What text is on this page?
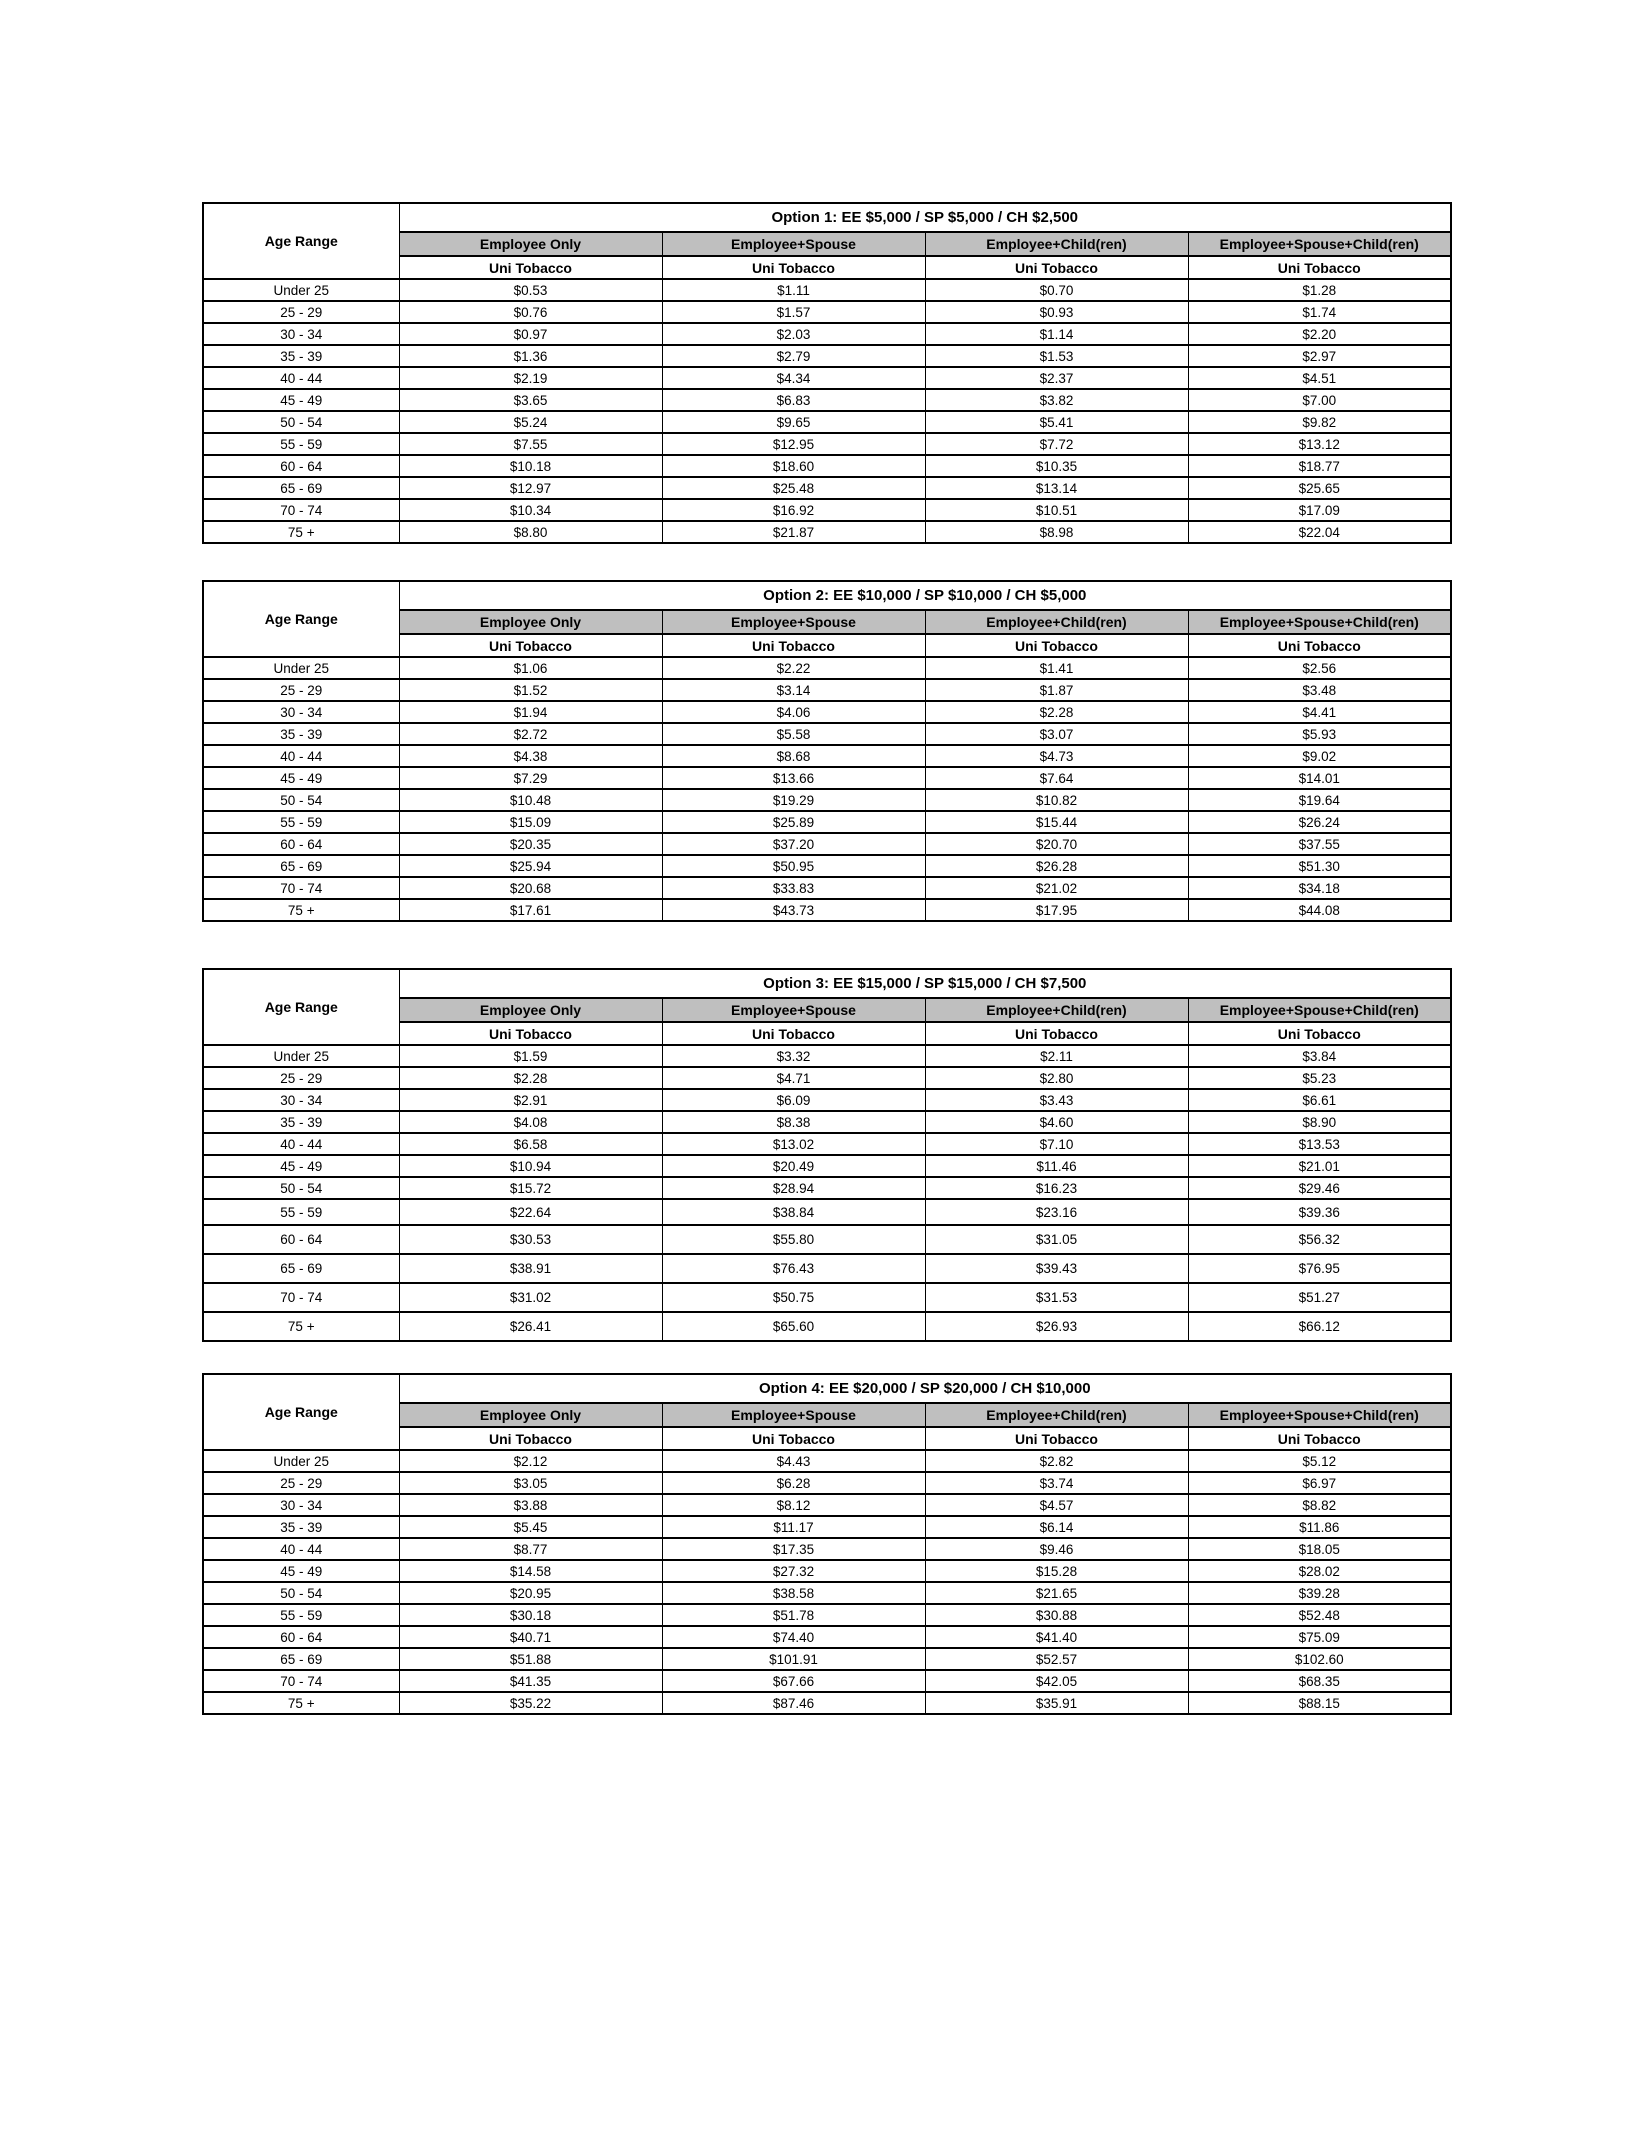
Age Range	Option 1: EE $5,000 / SP $5,000 / CH $2,500			
	Employee Only	Employee+Spouse	Employee+Child(ren)	Employee+Spouse+Child(ren)
	Uni Tobacco	Uni Tobacco	Uni Tobacco	Uni Tobacco
Under 25	$0.53	$1.11	$0.70	$1.28
25 - 29	$0.76	$1.57	$0.93	$1.74
30 - 34	$0.97	$2.03	$1.14	$2.20
35 - 39	$1.36	$2.79	$1.53	$2.97
40 - 44	$2.19	$4.34	$2.37	$4.51
45 - 49	$3.65	$6.83	$3.82	$7.00
50 - 54	$5.24	$9.65	$5.41	$9.82
55 - 59	$7.55	$12.95	$7.72	$13.12
60 - 64	$10.18	$18.60	$10.35	$18.77
65 - 69	$12.97	$25.48	$13.14	$25.65
70 - 74	$10.34	$16.92	$10.51	$17.09
75 +	$8.80	$21.87	$8.98	$22.04
Age Range	Option 2: EE $10,000 / SP $10,000 / CH $5,000			
	Employee Only	Employee+Spouse	Employee+Child(ren)	Employee+Spouse+Child(ren)
	Uni Tobacco	Uni Tobacco	Uni Tobacco	Uni Tobacco
Under 25	$1.06	$2.22	$1.41	$2.56
25 - 29	$1.52	$3.14	$1.87	$3.48
30 - 34	$1.94	$4.06	$2.28	$4.41
35 - 39	$2.72	$5.58	$3.07	$5.93
40 - 44	$4.38	$8.68	$4.73	$9.02
45 - 49	$7.29	$13.66	$7.64	$14.01
50 - 54	$10.48	$19.29	$10.82	$19.64
55 - 59	$15.09	$25.89	$15.44	$26.24
60 - 64	$20.35	$37.20	$20.70	$37.55
65 - 69	$25.94	$50.95	$26.28	$51.30
70 - 74	$20.68	$33.83	$21.02	$34.18
75 +	$17.61	$43.73	$17.95	$44.08
Age Range	Option 3: EE $15,000 / SP $15,000 / CH $7,500			
	Employee Only	Employee+Spouse	Employee+Child(ren)	Employee+Spouse+Child(ren)
	Uni Tobacco	Uni Tobacco	Uni Tobacco	Uni Tobacco
Under 25	$1.59	$3.32	$2.11	$3.84
25 - 29	$2.28	$4.71	$2.80	$5.23
30 - 34	$2.91	$6.09	$3.43	$6.61
35 - 39	$4.08	$8.38	$4.60	$8.90
40 - 44	$6.58	$13.02	$7.10	$13.53
45 - 49	$10.94	$20.49	$11.46	$21.01
50 - 54	$15.72	$28.94	$16.23	$29.46
55 - 59	$22.64	$38.84	$23.16	$39.36
60 - 64	$30.53	$55.80	$31.05	$56.32
65 - 69	$38.91	$76.43	$39.43	$76.95
70 - 74	$31.02	$50.75	$31.53	$51.27
75 +	$26.41	$65.60	$26.93	$66.12
Age Range	Option 4: EE $20,000 / SP $20,000 / CH $10,000			
	Employee Only	Employee+Spouse	Employee+Child(ren)	Employee+Spouse+Child(ren)
	Uni Tobacco	Uni Tobacco	Uni Tobacco	Uni Tobacco
Under 25	$2.12	$4.43	$2.82	$5.12
25 - 29	$3.05	$6.28	$3.74	$6.97
30 - 34	$3.88	$8.12	$4.57	$8.82
35 - 39	$5.45	$11.17	$6.14	$11.86
40 - 44	$8.77	$17.35	$9.46	$18.05
45 - 49	$14.58	$27.32	$15.28	$28.02
50 - 54	$20.95	$38.58	$21.65	$39.28
55 - 59	$30.18	$51.78	$30.88	$52.48
60 - 64	$40.71	$74.40	$41.40	$75.09
65 - 69	$51.88	$101.91	$52.57	$102.60
70 - 74	$41.35	$67.66	$42.05	$68.35
75 +	$35.22	$87.46	$35.91	$88.15
